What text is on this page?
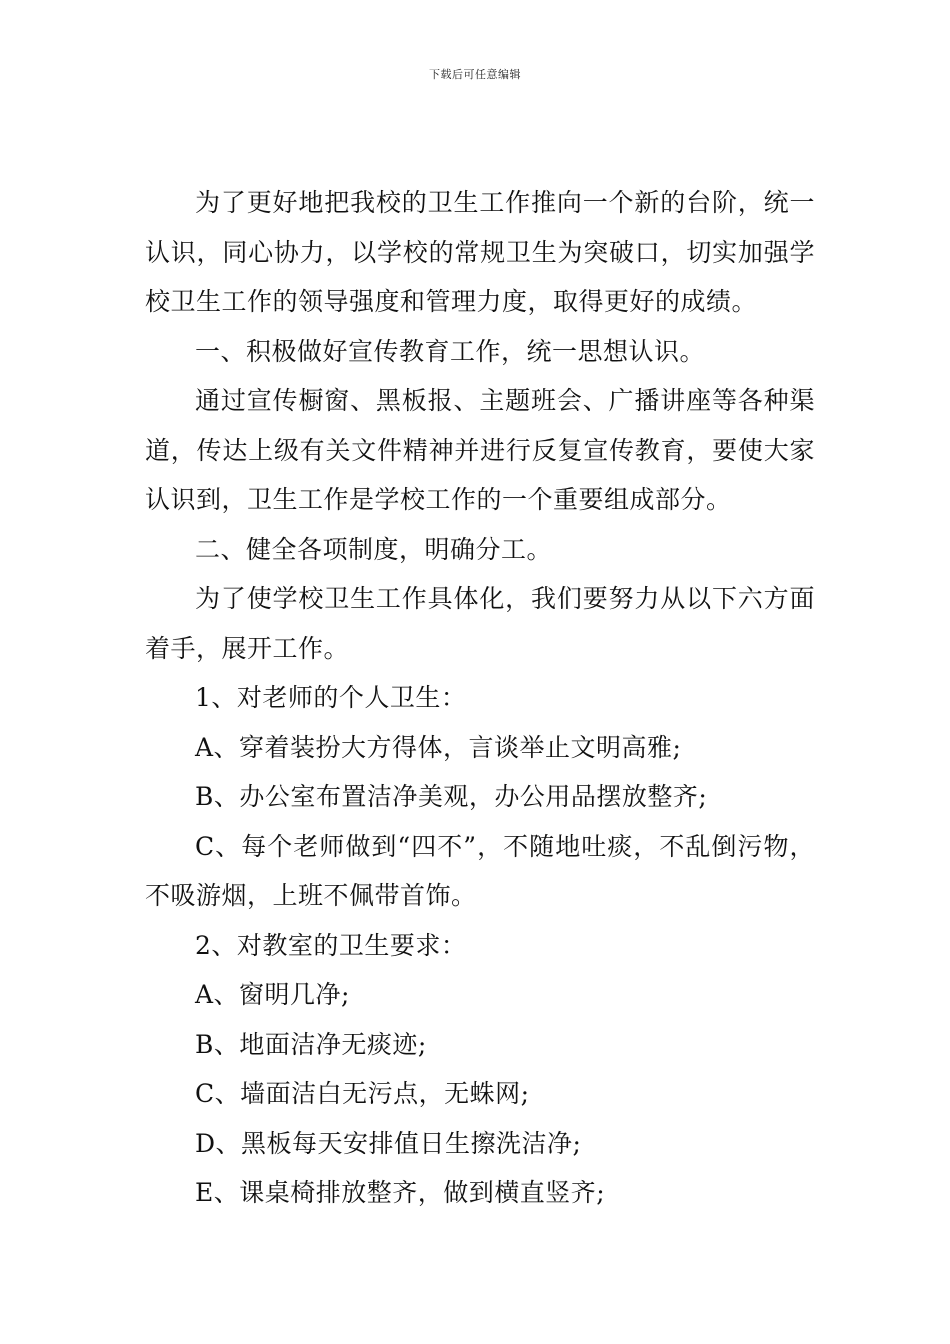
下载后可任意编辑

为了更好地把我校的卫生工作推向一个新的台阶，统一认识，同心协力，以学校的常规卫生为突破口，切实加强学校卫生工作的领导强度和管理力度，取得更好的成绩。

一、积极做好宣传教育工作，统一思想认识。

通过宣传橱窗、黑板报、主题班会、广播讲座等各种渠道，传达上级有关文件精神并进行反复宣传教育，要使大家认识到，卫生工作是学校工作的一个重要组成部分。

二、健全各项制度，明确分工。

为了使学校卫生工作具体化，我们要努力从以下六方面着手，展开工作。

1、对老师的个人卫生：

A、穿着装扮大方得体，言谈举止文明高雅;

B、办公室布置洁净美观，办公用品摆放整齐;

C、每个老师做到“四不”，不随地吐痰，不乱倒污物，不吸游烟，上班不佩带首饰。

2、对教室的卫生要求：

A、窗明几净;

B、地面洁净无痰迹;

C、墙面洁白无污点，无蛛网;

D、黑板每天安排值日生擦洗洁净;

E、课桌椅排放整齐，做到横直竖齐;
